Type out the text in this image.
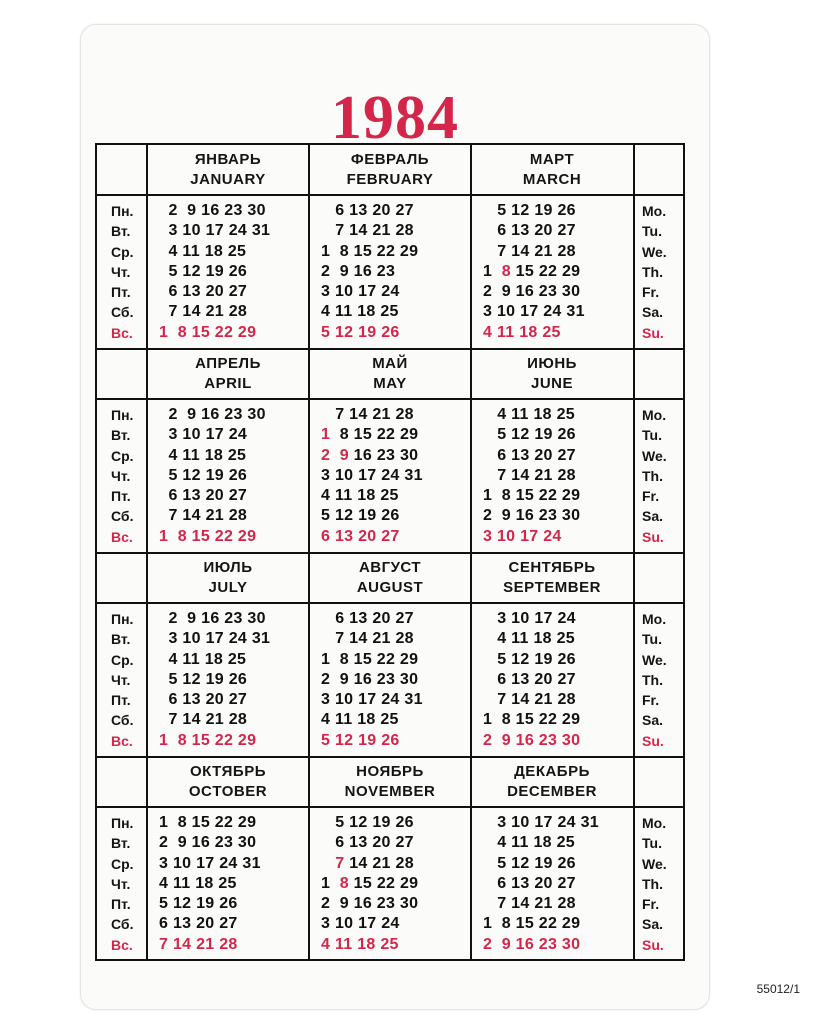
1984
Пн.
Вт.
Ср.
Чт.
Пт.
Сб.
Вс.
Mo.
Tu.
We.
Th.
Fr.
Sa.
Su.
ЯНВАРЬ
JANUARY
2  9 16 23 30
3 10 17 24 31
4 11 18 25
5 12 19 26
6 13 20 27
7 14 21 28
1  8 15 22 29
ФЕВРАЛЬ
FEBRUARY
6 13 20 27
7 14 21 28
1  8 15 22 29
2  9 16 23
3 10 17 24
4 11 18 25
5 12 19 26
МАРТ
MARCH
5 12 19 26
6 13 20 27
7 14 21 28
1 8 15 22 29
2  9 16 23 30
3 10 17 24 31
4 11 18 25
Пн.
Вт.
Ср.
Чт.
Пт.
Сб.
Вс.
Mo.
Tu.
We.
Th.
Fr.
Sa.
Su.
АПРЕЛЬ
APRIL
2  9 16 23 30
3 10 17 24
4 11 18 25
5 12 19 26
6 13 20 27
7 14 21 28
1  8 15 22 29
МАЙ
MAY
7 14 21 28
1 8 15 22 29
2 9 16 23 30
3 10 17 24 31
4 11 18 25
5 12 19 26
6 13 20 27
ИЮНЬ
JUNE
4 11 18 25
5 12 19 26
6 13 20 27
7 14 21 28
1  8 15 22 29
2  9 16 23 30
3 10 17 24
Пн.
Вт.
Ср.
Чт.
Пт.
Сб.
Вс.
Mo.
Tu.
We.
Th.
Fr.
Sa.
Su.
ИЮЛЬ
JULY
2  9 16 23 30
3 10 17 24 31
4 11 18 25
5 12 19 26
6 13 20 27
7 14 21 28
1  8 15 22 29
АВГУСТ
AUGUST
6 13 20 27
7 14 21 28
1  8 15 22 29
2  9 16 23 30
3 10 17 24 31
4 11 18 25
5 12 19 26
СЕНТЯБРЬ
SEPTEMBER
3 10 17 24
4 11 18 25
5 12 19 26
6 13 20 27
7 14 21 28
1  8 15 22 29
2  9 16 23 30
Пн.
Вт.
Ср.
Чт.
Пт.
Сб.
Вс.
Mo.
Tu.
We.
Th.
Fr.
Sa.
Su.
ОКТЯБРЬ
OCTOBER
1  8 15 22 29
2  9 16 23 30
3 10 17 24 31
4 11 18 25
5 12 19 26
6 13 20 27
7 14 21 28
НОЯБРЬ
NOVEMBER
5 12 19 26
6 13 20 27
7 14 21 28
1 8 15 22 29
2  9 16 23 30
3 10 17 24
4 11 18 25
ДЕКАБРЬ
DECEMBER
3 10 17 24 31
4 11 18 25
5 12 19 26
6 13 20 27
7 14 21 28
1  8 15 22 29
2  9 16 23 30
55012/1
